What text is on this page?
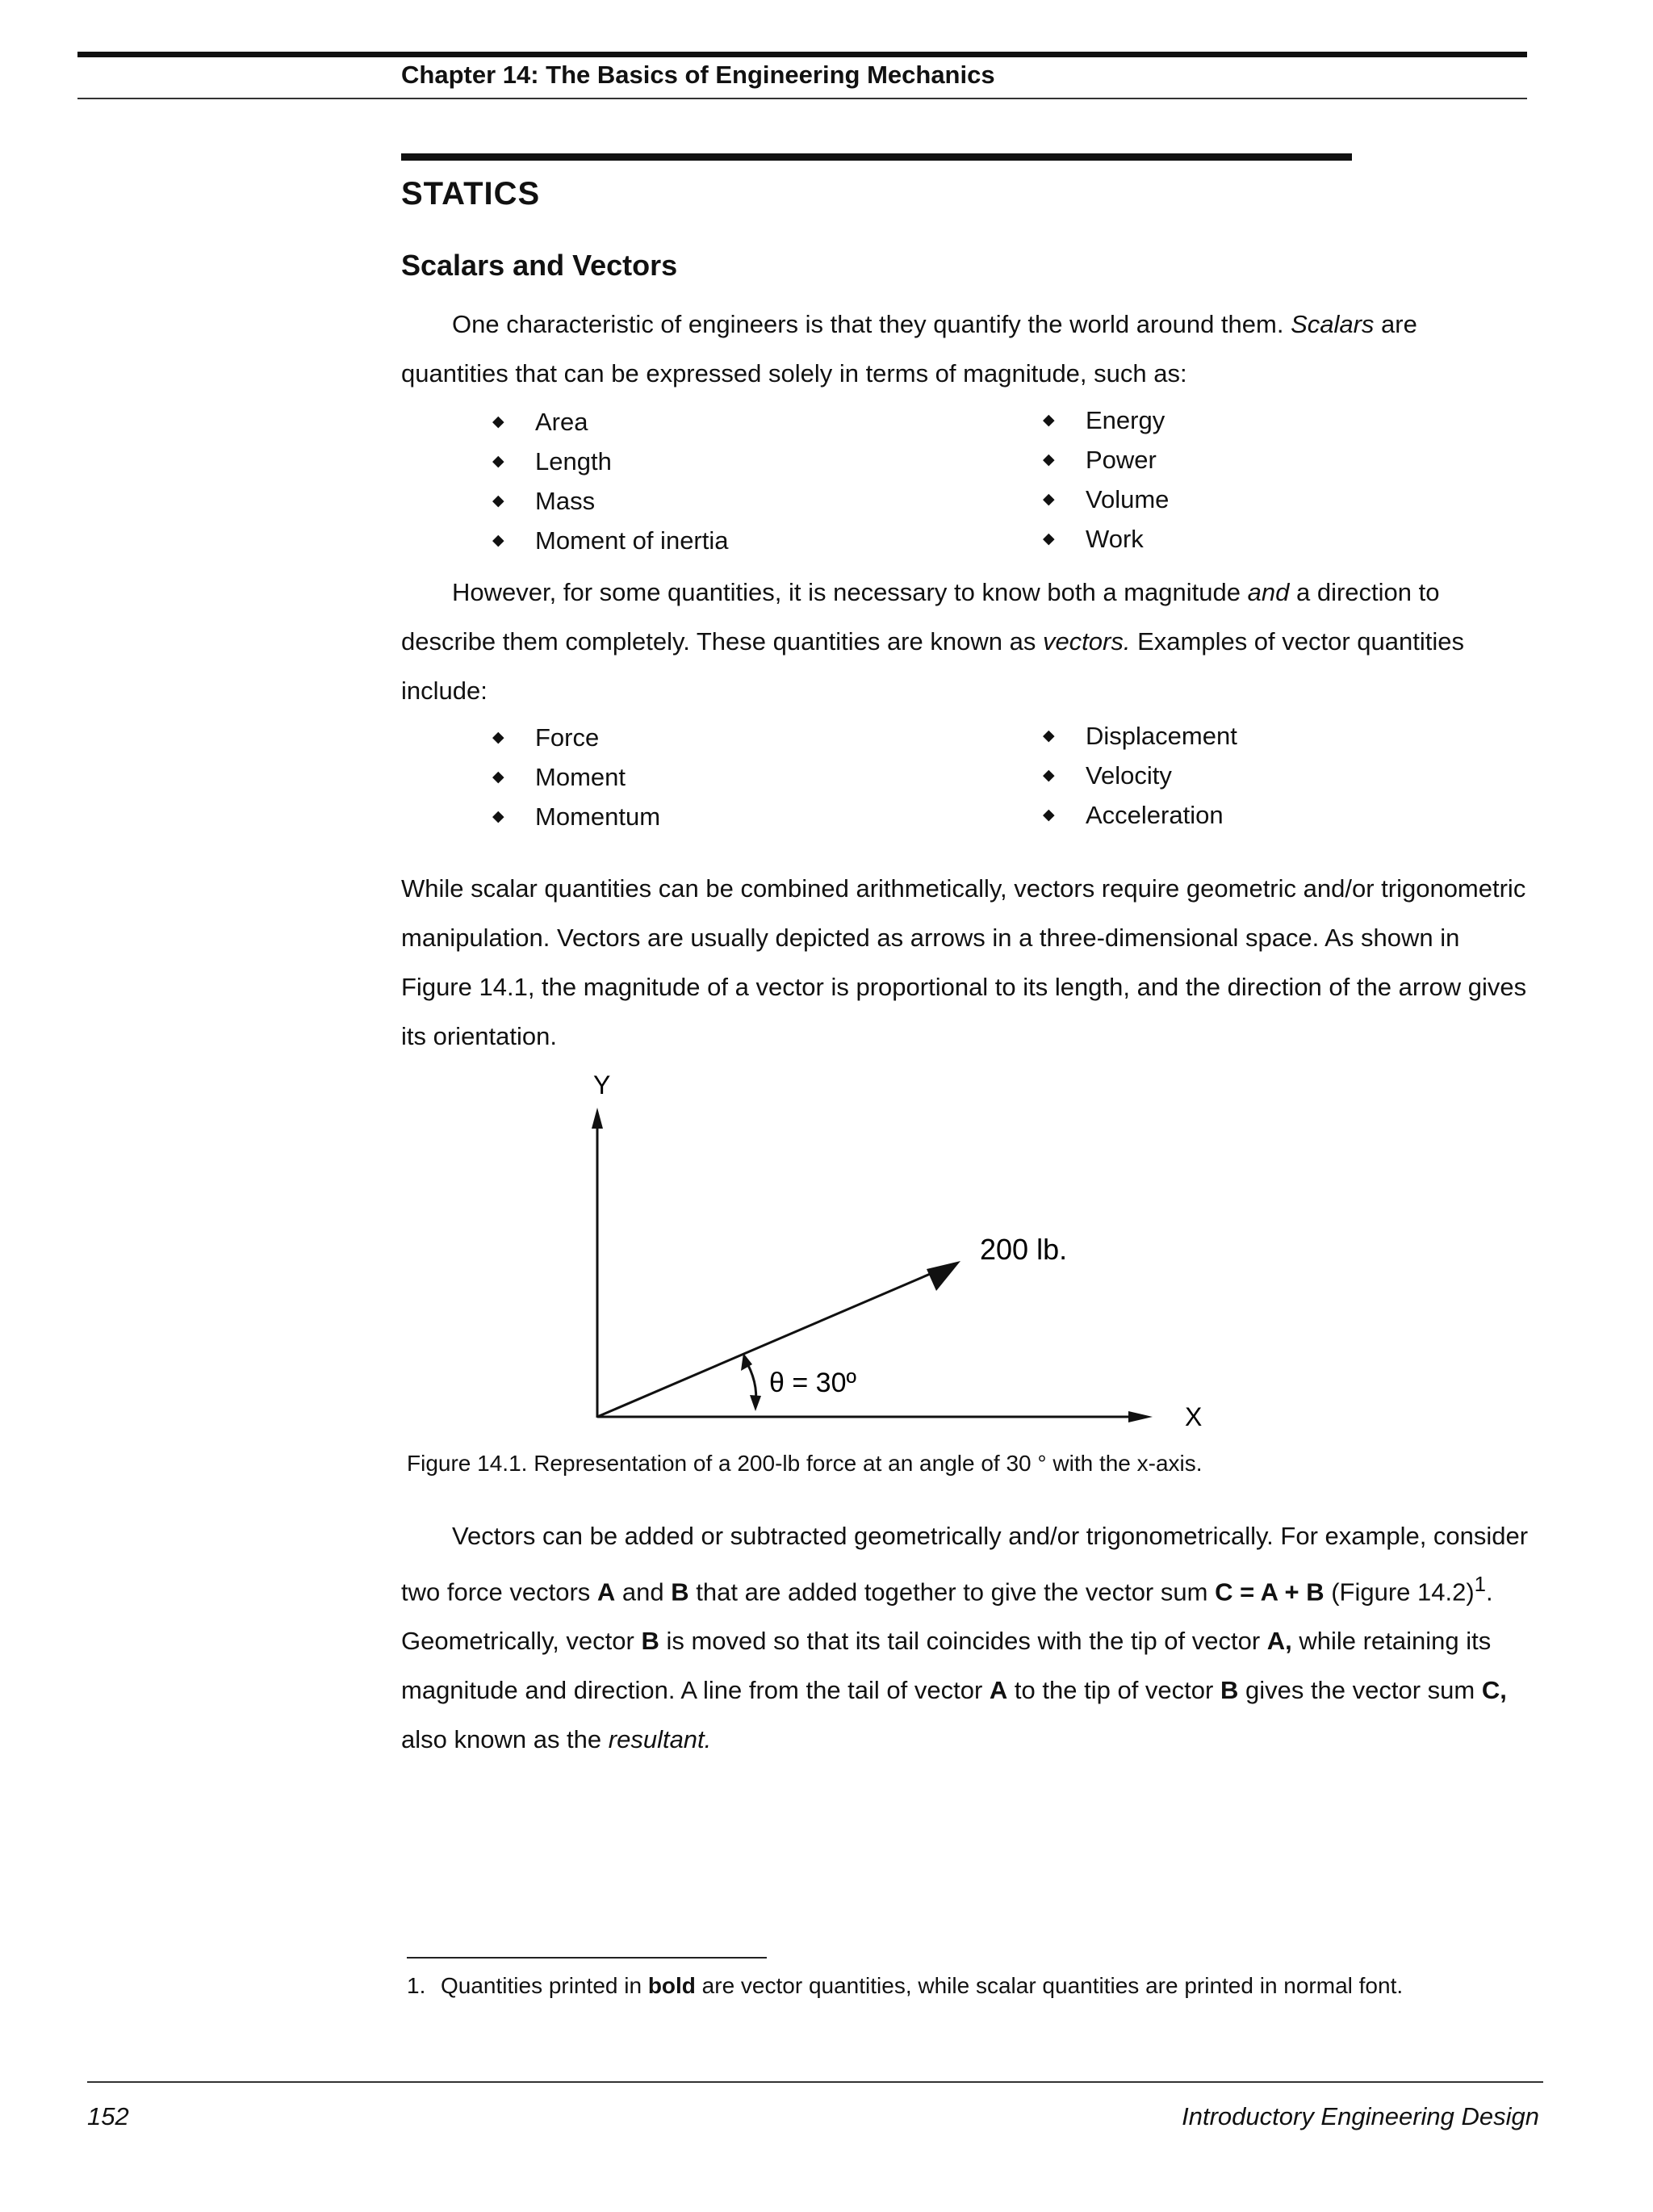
Chapter 14: The Basics of Engineering Mechanics
STATICS
Scalars and Vectors

One characteristic of engineers is that they quantify the world around them. Scalars are quantities that can be expressed solely in terms of magnitude, such as:

◆ Area
◆ Length
◆ Mass
◆ Moment of inertia
◆ Energy
◆ Power
◆ Volume
◆ Work

However, for some quantities, it is necessary to know both a magnitude and a direction to describe them completely. These quantities are known as vectors. Examples of vector quantities include:

◆ Force
◆ Moment
◆ Momentum
◆ Displacement
◆ Velocity
◆ Acceleration

While scalar quantities can be combined arithmetically, vectors require geometric and/or trigonometric manipulation. Vectors are usually depicted as arrows in a three-dimensional space. As shown in Figure 14.1, the magnitude of a vector is proportional to its length, and the direction of the arrow gives its orientation.

Y
X
200 lb.
θ = 30º
Figure 14.1. Representation of a 200-lb force at an angle of 30 ° with the x-axis.

Vectors can be added or subtracted geometrically and/or trigonometrically. For example, consider two force vectors A and B that are added together to give the vector sum C = A + B (Figure 14.2)$^1$. Geometrically, vector B is moved so that its tail coincides with the tip of vector A, while retaining its magnitude and direction. A line from the tail of vector A to the tip of vector B gives the vector sum C, also known as the resultant.

1. Quantities printed in bold are vector quantities, while scalar quantities are printed in normal font.
152	Introductory Engineering Design
